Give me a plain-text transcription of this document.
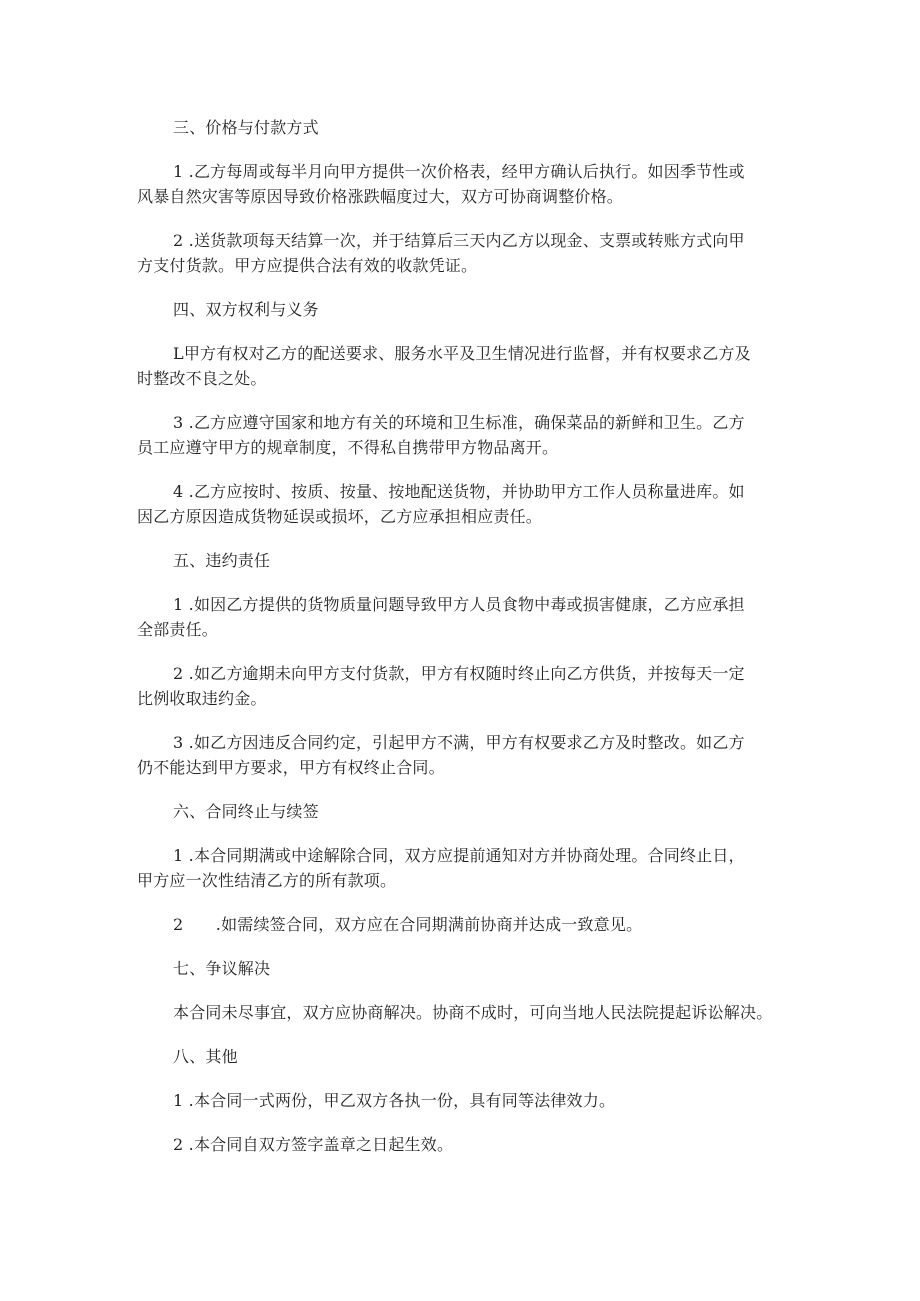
三、价格与付款方式
1 .乙方每周或每半月向甲方提供一次价格表，经甲方确认后执行。如因季节性或
风暴自然灾害等原因导致价格涨跌幅度过大，双方可协商调整价格。
2 .送货款项每天结算一次，并于结算后三天内乙方以现金、支票或转账方式向甲
方支付货款。甲方应提供合法有效的收款凭证。
四、双方权利与义务
L甲方有权对乙方的配送要求、服务水平及卫生情况进行监督，并有权要求乙方及
时整改不良之处。
3 .乙方应遵守国家和地方有关的环境和卫生标准，确保菜品的新鲜和卫生。乙方
员工应遵守甲方的规章制度，不得私自携带甲方物品离开。
4 .乙方应按时、按质、按量、按地配送货物，并协助甲方工作人员称量进库。如
因乙方原因造成货物延误或损坏，乙方应承担相应责任。
五、违约责任
1 .如因乙方提供的货物质量问题导致甲方人员食物中毒或损害健康，乙方应承担
全部责任。
2 .如乙方逾期未向甲方支付货款，甲方有权随时终止向乙方供货，并按每天一定
比例收取违约金。
3 .如乙方因违反合同约定，引起甲方不满，甲方有权要求乙方及时整改。如乙方
仍不能达到甲方要求，甲方有权终止合同。
六、合同终止与续签
1 .本合同期满或中途解除合同，双方应提前通知对方并协商处理。合同终止日，
甲方应一次性结清乙方的所有款项。
2　　.如需续签合同，双方应在合同期满前协商并达成一致意见。
七、争议解决
本合同未尽事宜，双方应协商解决。协商不成时，可向当地人民法院提起诉讼解决。
八、其他
1 .本合同一式两份，甲乙双方各执一份，具有同等法律效力。
2 .本合同自双方签字盖章之日起生效。
